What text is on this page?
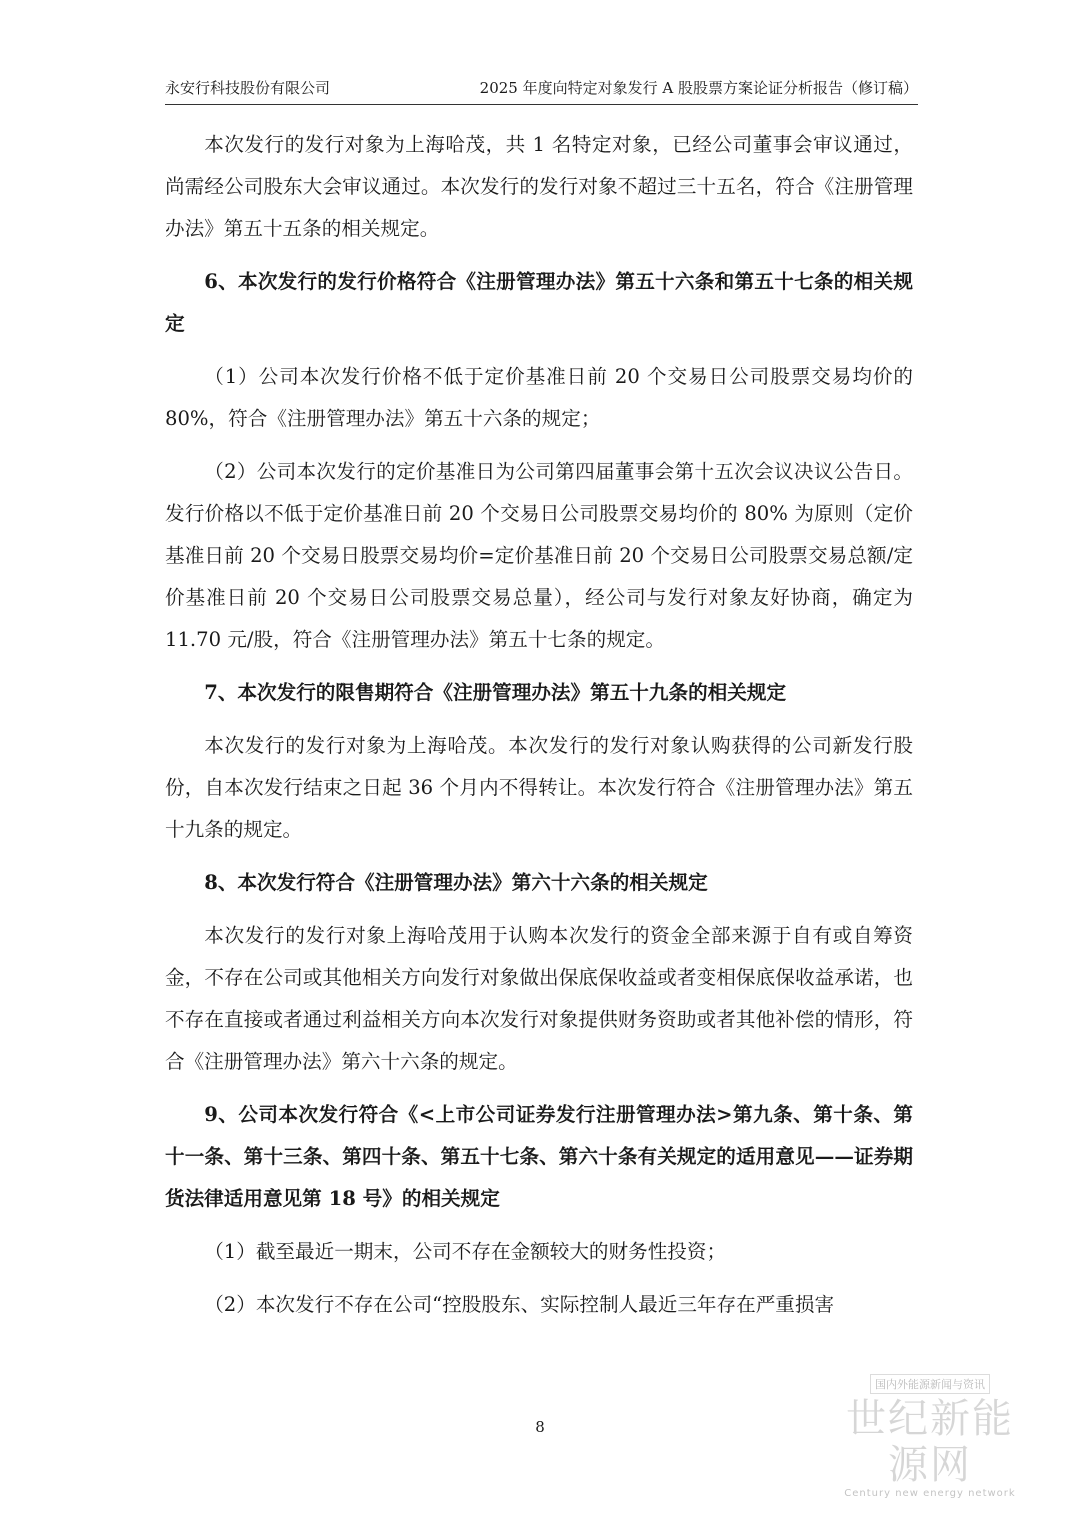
永安行科技股份有限公司	2025 年度向特定对象发行 A 股股票方案论证分析报告（修订稿）

本次发行的发行对象为上海哈茂，共 1 名特定对象，已经公司董事会审议通过，尚需经公司股东大会审议通过。本次发行的发行对象不超过三十五名，符合《注册管理办法》第五十五条的相关规定。

6、本次发行的发行价格符合《注册管理办法》第五十六条和第五十七条的相关规定

（1）公司本次发行价格不低于定价基准日前 20 个交易日公司股票交易均价的 80%，符合《注册管理办法》第五十六条的规定；

（2）公司本次发行的定价基准日为公司第四届董事会第十五次会议决议公告日。发行价格以不低于定价基准日前 20 个交易日公司股票交易均价的 80% 为原则（定价基准日前 20 个交易日股票交易均价=定价基准日前 20 个交易日公司股票交易总额/定价基准日前 20 个交易日公司股票交易总量），经公司与发行对象友好协商，确定为 11.70 元/股，符合《注册管理办法》第五十七条的规定。

7、本次发行的限售期符合《注册管理办法》第五十九条的相关规定

本次发行的发行对象为上海哈茂。本次发行的发行对象认购获得的公司新发行股份，自本次发行结束之日起 36 个月内不得转让。本次发行符合《注册管理办法》第五十九条的规定。

8、本次发行符合《注册管理办法》第六十六条的相关规定

本次发行的发行对象上海哈茂用于认购本次发行的资金全部来源于自有或自筹资金，不存在公司或其他相关方向发行对象做出保底保收益或者变相保底保收益承诺，也不存在直接或者通过利益相关方向本次发行对象提供财务资助或者其他补偿的情形，符合《注册管理办法》第六十六条的规定。

9、公司本次发行符合《<上市公司证券发行注册管理办法>第九条、第十条、第十一条、第十三条、第四十条、第五十七条、第六十条有关规定的适用意见——证券期货法律适用意见第 18 号》的相关规定

（1）截至最近一期末，公司不存在金额较大的财务性投资；

（2）本次发行不存在公司“控股股东、实际控制人最近三年存在严重损害

8
国内外能源新闻与资讯
世纪新能源网
Century new energy network
